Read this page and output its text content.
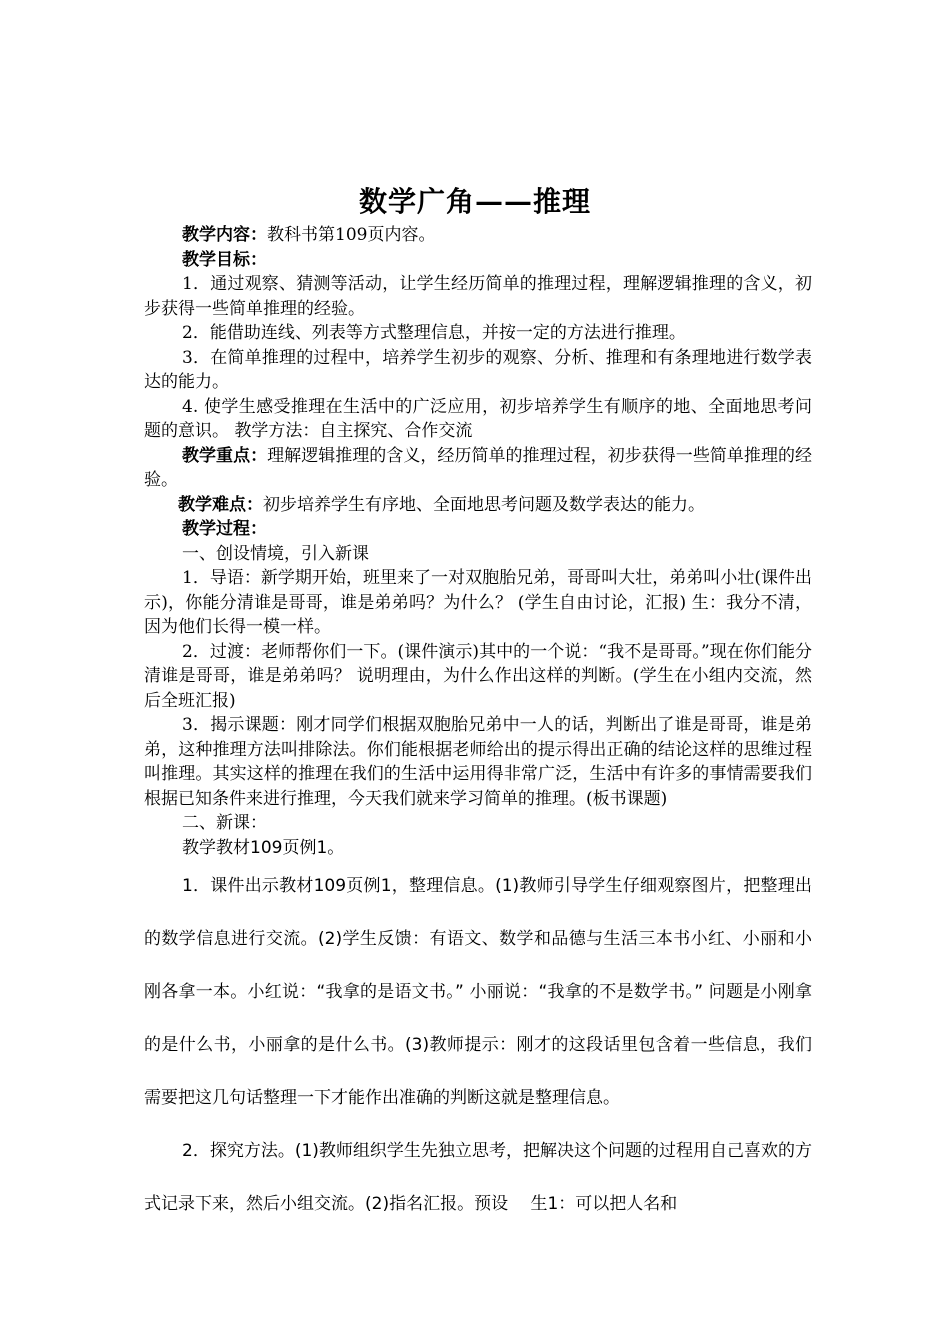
数学广角——推理

教学内容：教科书第109页内容。

教学目标：

1．通过观察、猜测等活动，让学生经历简单的推理过程，理解逻辑推理的含义，初步获得一些简单推理的经验。

2．能借助连线、列表等方式整理信息，并按一定的方法进行推理。

3．在简单推理的过程中，培养学生初步的观察、分析、推理和有条理地进行数学表达的能力。

4. 使学生感受推理在生活中的广泛应用，初步培养学生有顺序的地、全面地思考问题的意识。 教学方法：自主探究、合作交流

教学重点：理解逻辑推理的含义，经历简单的推理过程，初步获得一些简单推理的经验。

教学难点：初步培养学生有序地、全面地思考问题及数学表达的能力。

教学过程：

一、创设情境，引入新课

1．导语：新学期开始，班里来了一对双胞胎兄弟，哥哥叫大壮，弟弟叫小壮(课件出示)，你能分清谁是哥哥，谁是弟弟吗？为什么？ (学生自由讨论，汇报) 生：我分不清，因为他们长得一模一样。

2．过渡：老师帮你们一下。(课件演示)其中的一个说：“我不是哥哥。”现在你们能分清谁是哥哥，谁是弟弟吗？ 说明理由，为什么作出这样的判断。(学生在小组内交流，然后全班汇报)

3．揭示课题：刚才同学们根据双胞胎兄弟中一人的话，判断出了谁是哥哥，谁是弟弟，这种推理方法叫排除法。你们能根据老师给出的提示得出正确的结论这样的思维过程叫推理。其实这样的推理在我们的生活中运用得非常广泛，生活中有许多的事情需要我们根据已知条件来进行推理，今天我们就来学习简单的推理。(板书课题)

二、新课：

教学教材109页例1。

1．课件出示教材109页例1，整理信息。(1)教师引导学生仔细观察图片，把整理出的数学信息进行交流。(2)学生反馈：有语文、数学和品德与生活三本书小红、小丽和小刚各拿一本。小红说：“我拿的是语文书。” 小丽说：“我拿的不是数学书。” 问题是小刚拿的是什么书，小丽拿的是什么书。(3)教师提示：刚才的这段话里包含着一些信息，我们需要把这几句话整理一下才能作出准确的判断这就是整理信息。

2．探究方法。(1)教师组织学生先独立思考，把解决这个问题的过程用自己喜欢的方式记录下来，然后小组交流。(2)指名汇报。预设　 生1：可以把人名和
